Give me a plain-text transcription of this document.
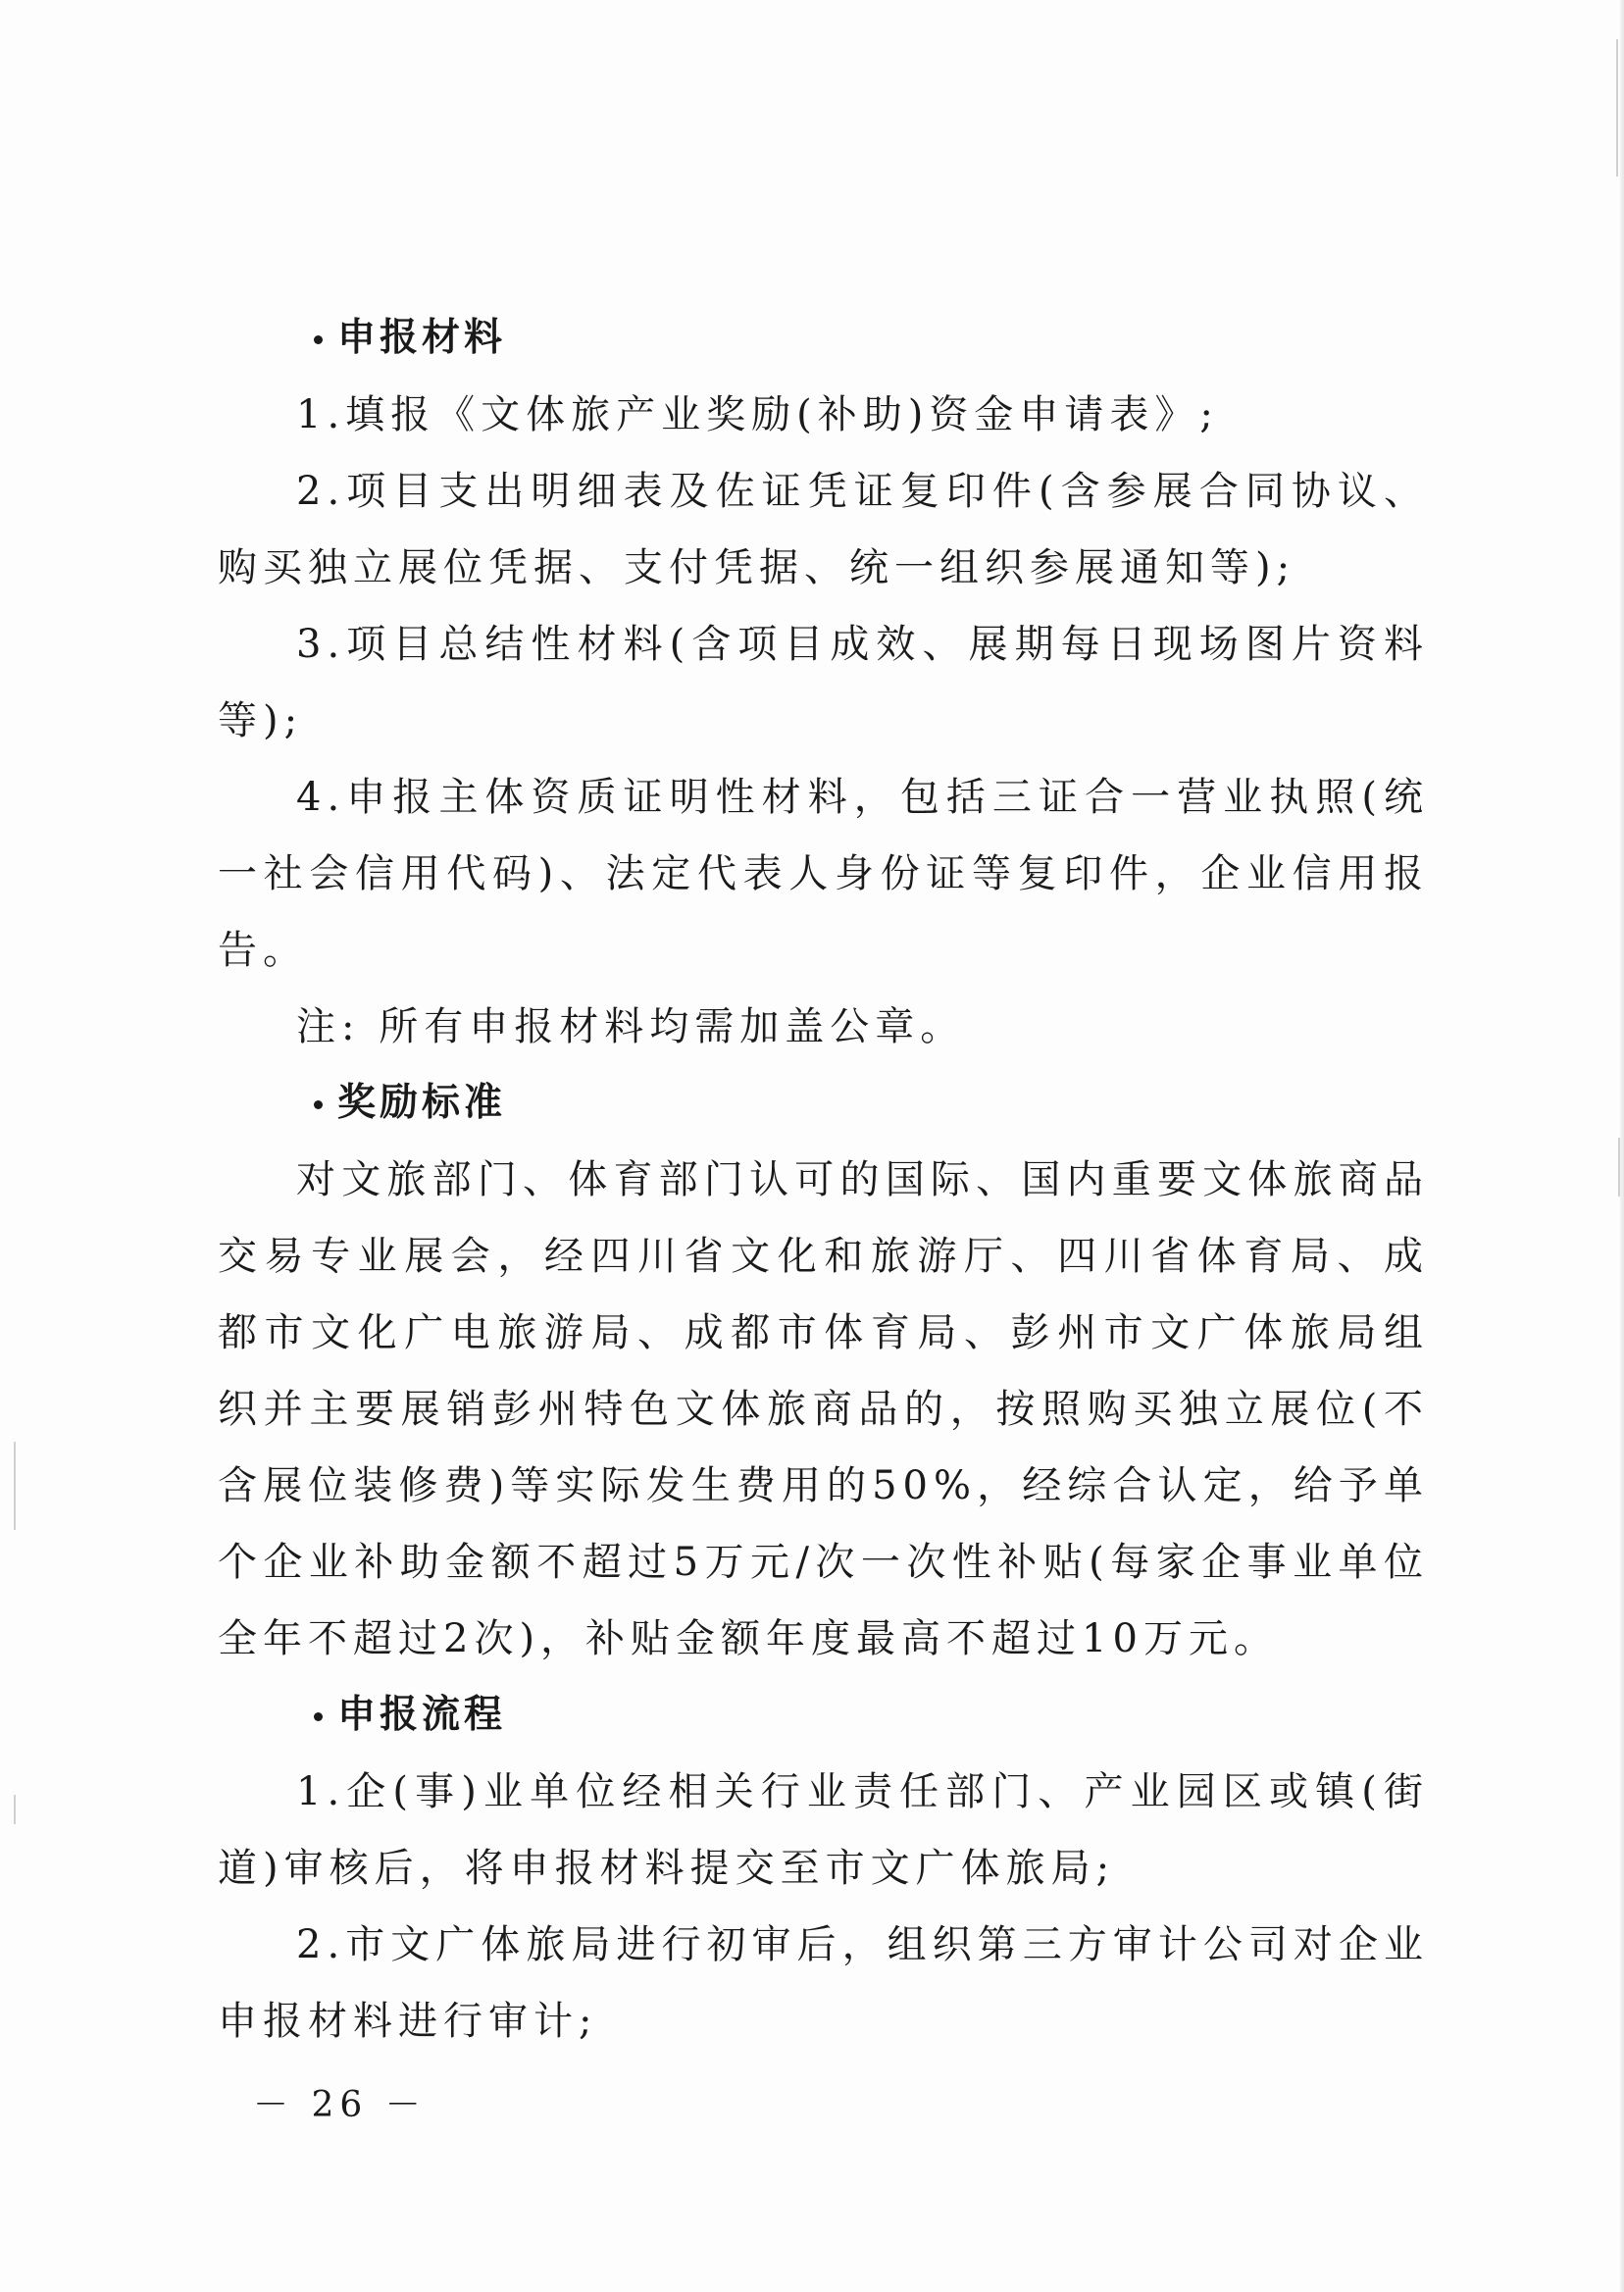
申报材料

1.填报《文体旅产业奖励(补助)资金申请表》;

2.项目支出明细表及佐证凭证复印件(含参展合同协议、购买独立展位凭据、支付凭据、统一组织参展通知等);

3.项目总结性材料(含项目成效、展期每日现场图片资料等);

4.申报主体资质证明性材料，包括三证合一营业执照(统一社会信用代码)、法定代表人身份证等复印件，企业信用报告。

注: 所有申报材料均需加盖公章。

奖励标准

对文旅部门、体育部门认可的国际、国内重要文体旅商品交易专业展会，经四川省文化和旅游厅、四川省体育局、成都市文化广电旅游局、成都市体育局、彭州市文广体旅局组织并主要展销彭州特色文体旅商品的，按照购买独立展位(不含展位装修费)等实际发生费用的50%，经综合认定，给予单个企业补助金额不超过5万元/次一次性补贴(每家企事业单位全年不超过2次)，补贴金额年度最高不超过10万元。

申报流程

1.企(事)业单位经相关行业责任部门、产业园区或镇(街道)审核后，将申报材料提交至市文广体旅局;

2.市文广体旅局进行初审后，组织第三方审计公司对企业申报材料进行审计;

－ 26 －
